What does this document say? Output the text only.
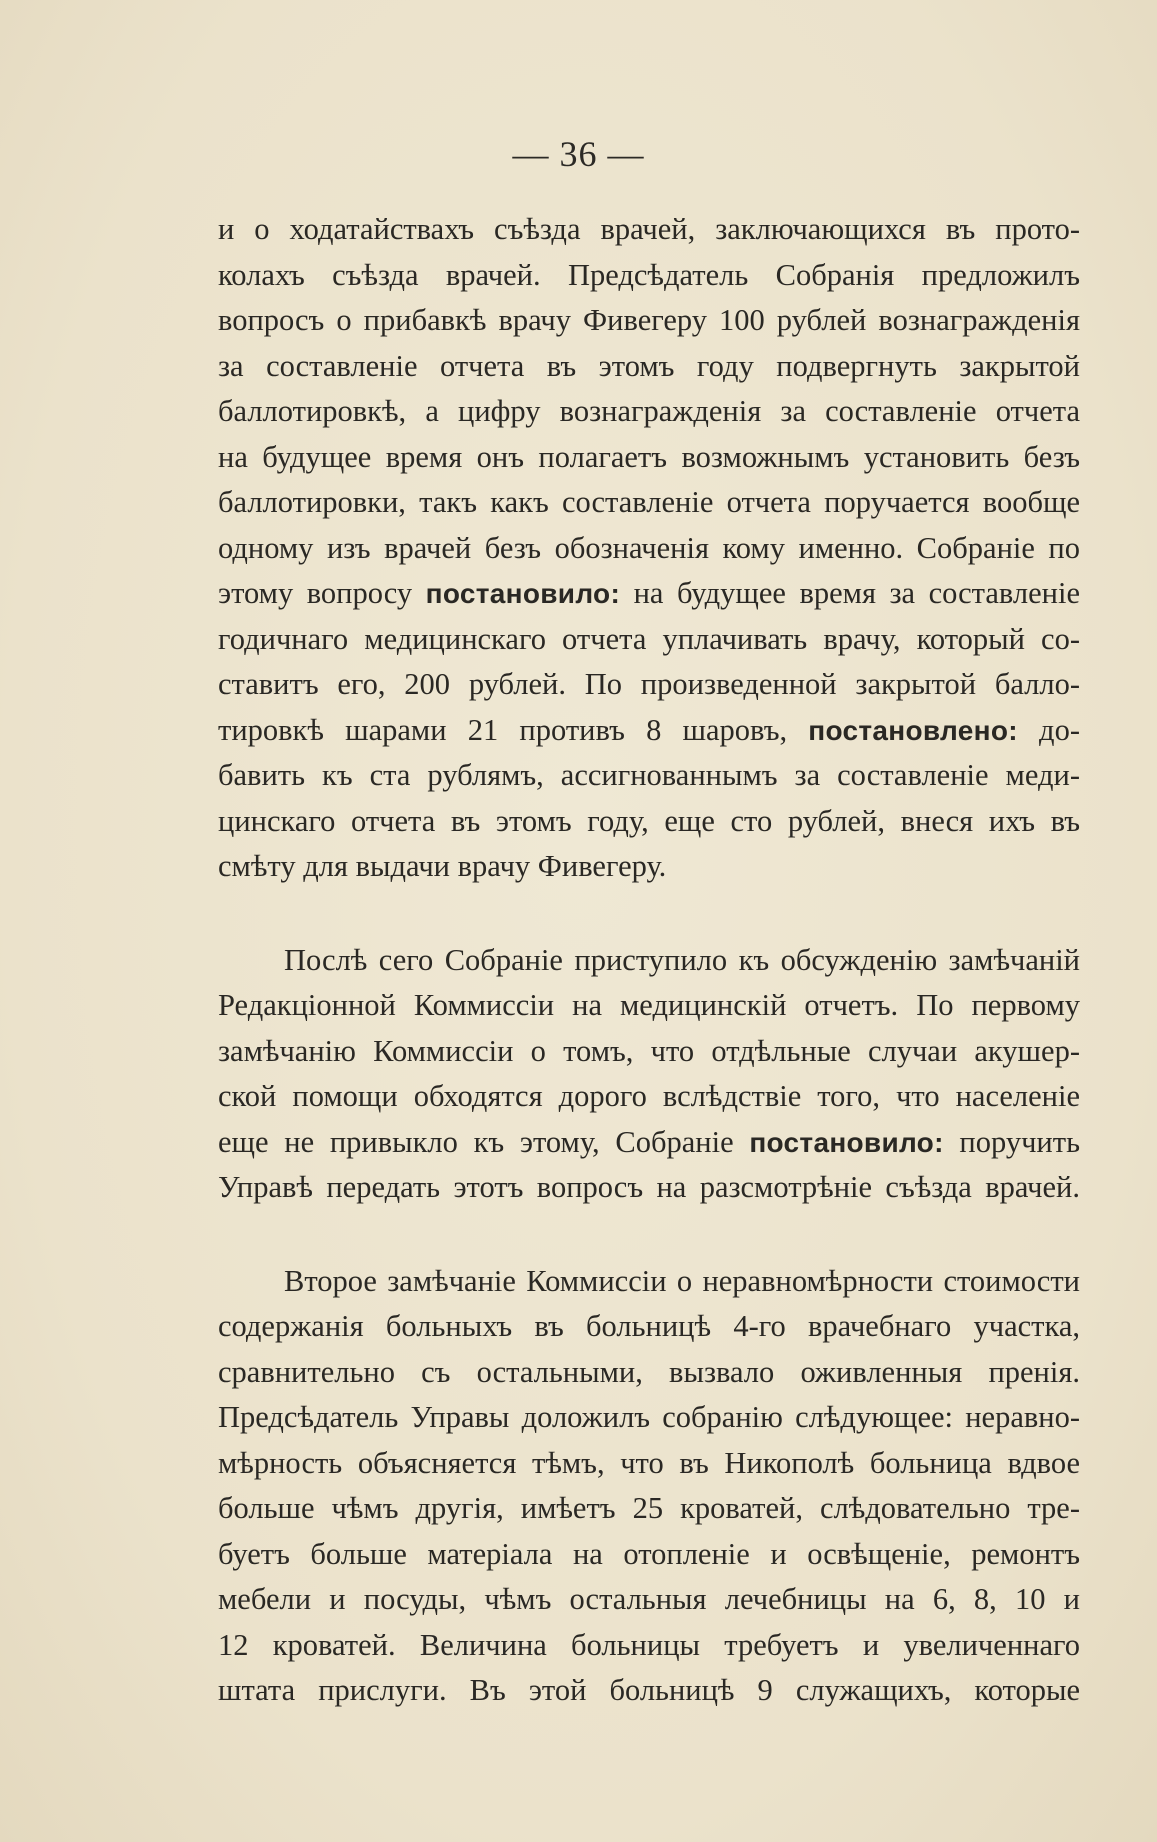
— 36 —
и о ходатайствахъ съѣзда врачей, заключающихся въ прото-
колахъ съѣзда врачей. Предсѣдатель Собранія предложилъ
вопросъ о прибавкѣ врачу Фивегеру 100 рублей вознагражденія
за составленіе отчета въ этомъ году подвергнуть закрытой
баллотировкѣ, а цифру вознагражденія за составленіе отчета
на будущее время онъ полагаетъ возможнымъ установить безъ
баллотировки, такъ какъ составленіе отчета поручается вообще
одному изъ врачей безъ обозначенія кому именно. Собраніе по
этому вопросу постановило: на будущее время за составленіе
годичнаго медицинскаго отчета уплачивать врачу, который со-
ставитъ его, 200 рублей. По произведенной закрытой балло-
тировкѣ шарами 21 противъ 8 шаровъ, постановлено: до-
бавить къ ста рублямъ, ассигнованнымъ за составленіе меди-
цинскаго отчета въ этомъ году, еще сто рублей, внеся ихъ въ
смѣту для выдачи врачу Фивегеру.
Послѣ сего Собраніе приступило къ обсужденію замѣчаній
Редакціонной Коммиссіи на медицинскій отчетъ. По первому
замѣчанію Коммиссіи о томъ, что отдѣльные случаи акушер-
ской помощи обходятся дорого вслѣдствіе того, что населеніе
еще не привыкло къ этому, Собраніе постановило: поручить
Управѣ передать этотъ вопросъ на разсмотрѣніе съѣзда врачей.
Второе замѣчаніе Коммиссіи о неравномѣрности стоимости
содержанія больныхъ въ больницѣ 4-го врачебнаго участка,
сравнительно съ остальными, вызвало оживленныя пренія.
Предсѣдатель Управы доложилъ собранію слѣдующее: неравно-
мѣрность объясняется тѣмъ, что въ Никополѣ больница вдвое
больше чѣмъ другія, имѣетъ 25 кроватей, слѣдовательно тре-
буетъ больше матеріала на отопленіе и освѣщеніе, ремонтъ
мебели и посуды, чѣмъ остальныя лечебницы на 6, 8, 10 и
12 кроватей. Величина больницы требуетъ и увеличеннаго
штата прислуги. Въ этой больницѣ 9 служащихъ, которые
